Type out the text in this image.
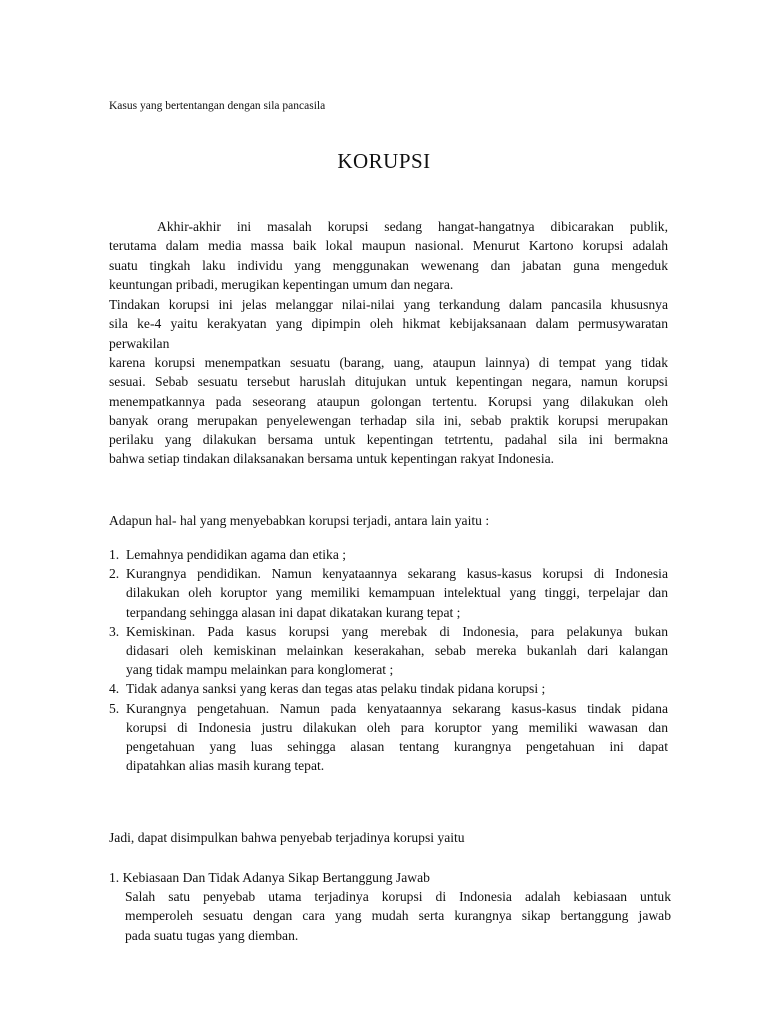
Kasus yang bertentangan dengan sila pancasila
KORUPSI
Akhir-akhir ini masalah korupsi sedang hangat-hangatnya dibicarakan publik,
terutama dalam media massa baik lokal maupun nasional. Menurut Kartono korupsi adalah
suatu tingkah laku individu yang menggunakan wewenang dan jabatan guna mengeduk
keuntungan pribadi, merugikan kepentingan umum dan negara.
Tindakan korupsi ini jelas melanggar nilai-nilai yang terkandung dalam pancasila khususnya
sila ke-4 yaitu kerakyatan yang dipimpin oleh hikmat kebijaksanaan dalam permusywaratan
perwakilan
karena korupsi menempatkan sesuatu (barang, uang, ataupun lainnya) di tempat yang tidak
sesuai. Sebab sesuatu tersebut haruslah ditujukan untuk kepentingan negara, namun korupsi
menempatkannya pada seseorang ataupun golongan tertentu. Korupsi yang dilakukan oleh
banyak orang merupakan penyelewengan terhadap sila ini, sebab praktik korupsi merupakan
perilaku yang dilakukan bersama untuk kepentingan tetrtentu, padahal sila ini bermakna
bahwa setiap tindakan dilaksanakan bersama untuk kepentingan rakyat Indonesia.
Adapun hal- hal yang menyebabkan korupsi terjadi, antara lain yaitu :
1. Lemahnya pendidikan agama dan etika ;
2. Kurangnya pendidikan. Namun kenyataannya sekarang kasus-kasus korupsi di Indonesia
dilakukan oleh koruptor yang memiliki kemampuan intelektual yang tinggi, terpelajar dan
terpandang sehingga alasan ini dapat dikatakan kurang tepat ;
3. Kemiskinan. Pada kasus korupsi yang merebak di Indonesia, para pelakunya bukan
didasari oleh kemiskinan melainkan keserakahan, sebab mereka bukanlah dari kalangan
yang tidak mampu melainkan para konglomerat ;
4. Tidak adanya sanksi yang keras dan tegas atas pelaku tindak pidana korupsi ;
5. Kurangnya pengetahuan. Namun pada kenyataannya sekarang kasus-kasus tindak pidana
korupsi di Indonesia justru dilakukan oleh para koruptor yang memiliki wawasan dan
pengetahuan yang luas sehingga alasan tentang kurangnya pengetahuan ini dapat
dipatahkan alias masih kurang tepat.
Jadi, dapat disimpulkan bahwa penyebab terjadinya korupsi yaitu
1. Kebiasaan Dan Tidak Adanya Sikap Bertanggung Jawab
Salah satu penyebab utama terjadinya korupsi di Indonesia adalah kebiasaan untuk
memperoleh sesuatu dengan cara yang mudah serta kurangnya sikap bertanggung jawab
pada suatu tugas yang diemban.
